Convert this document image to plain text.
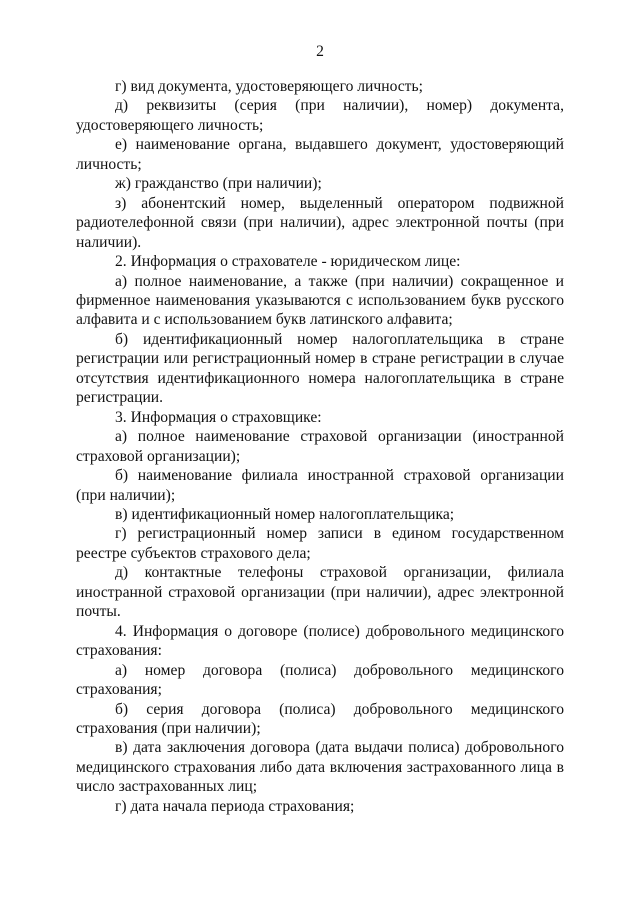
2

г) вид документа, удостоверяющего личность;

д) реквизиты (серия (при наличии), номер) документа, удостоверяющего личность;

е) наименование органа, выдавшего документ, удостоверяющий личность;

ж) гражданство (при наличии);

з) абонентский номер, выделенный оператором подвижной радиотелефонной связи (при наличии), адрес электронной почты (при наличии).

2. Информация о страхователе - юридическом лице:

а) полное наименование, а также (при наличии) сокращенное и фирменное наименования указываются с использованием букв русского алфавита и с использованием букв латинского алфавита;

б) идентификационный номер налогоплательщика в стране регистрации или регистрационный номер в стране регистрации в случае отсутствия идентификационного номера налогоплательщика в стране регистрации.

3. Информация о страховщике:

а) полное наименование страховой организации (иностранной страховой организации);

б) наименование филиала иностранной страховой организации (при наличии);

в) идентификационный номер налогоплательщика;

г) регистрационный номер записи в едином государственном реестре субъектов страхового дела;

д) контактные телефоны страховой организации, филиала иностранной страховой организации (при наличии), адрес электронной почты.

4. Информация о договоре (полисе) добровольного медицинского страхования:

а) номер договора (полиса) добровольного медицинского страхования;

б) серия договора (полиса) добровольного медицинского страхования (при наличии);

в) дата заключения договора (дата выдачи полиса) добровольного медицинского страхования либо дата включения застрахованного лица в число застрахованных лиц;

г) дата начала периода страхования;
